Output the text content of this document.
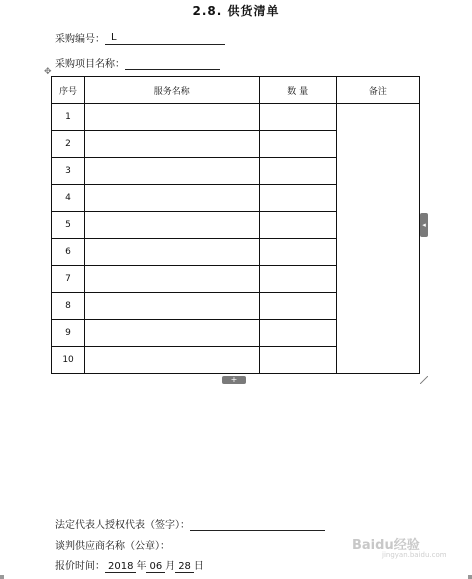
2.8. 供货清单
采购编号： L
采购项目名称：
✥
序号	服务名称	数 量	备注
1			
2			
3			
4			
5			
6			
7			
8			
9			
10			
◂
+
法定代表人授权代表（签字）：
谈判供应商名称（公章）：
报价时间： 2018 年 06 月 28 日
Baidu经验
jingyan.baidu.com
